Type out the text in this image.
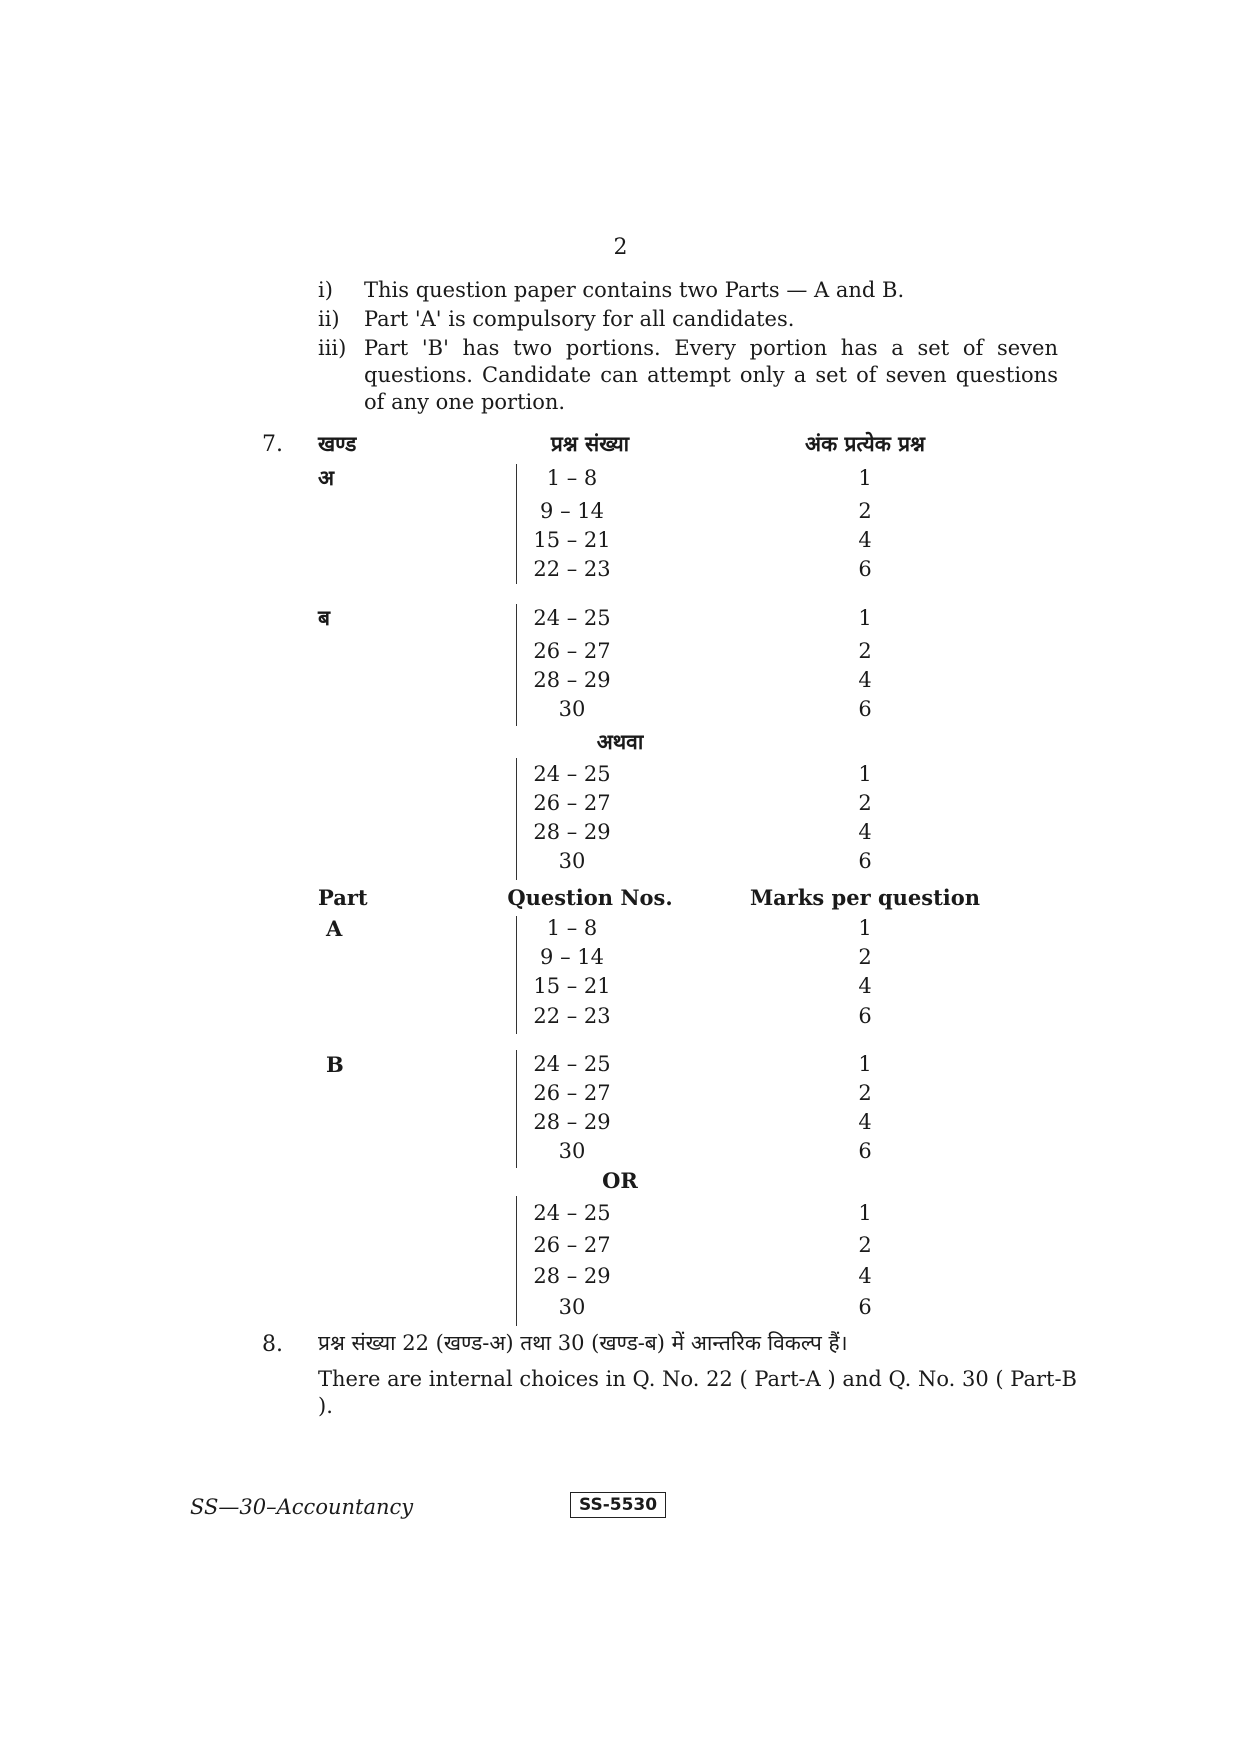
2
i) This question paper contains two Parts — A and B.
ii) Part 'A' is compulsory for all candidates.
iii) Part 'B' has two portions. Every portion has a set of seven questions. Candidate can attempt only a set of seven questions of any one portion.
7. खण्ड	प्रश्न संख्या	अंक प्रत्येक प्रश्न
अ	1 – 8	1
9 – 14	2
15 – 21	4
22 – 23	6
ब	24 – 25	1
26 – 27	2
28 – 29	4
30	6
अथवा
24 – 25	1
26 – 27	2
28 – 29	4
30	6
Part	Question Nos.	Marks per question
A	1 – 8	1
9 – 14	2
15 – 21	4
22 – 23	6
B	24 – 25	1
26 – 27	2
28 – 29	4
30	6
OR
24 – 25	1
26 – 27	2
28 – 29	4
30	6
8. प्रश्न संख्या 22 (खण्ड-अ) तथा 30 (खण्ड-ब) में आन्तरिक विकल्प हैं।
There are internal choices in Q. No. 22 ( Part-A ) and Q. No. 30 ( Part-B ).
SS—30–Accountancy	SS-5530
